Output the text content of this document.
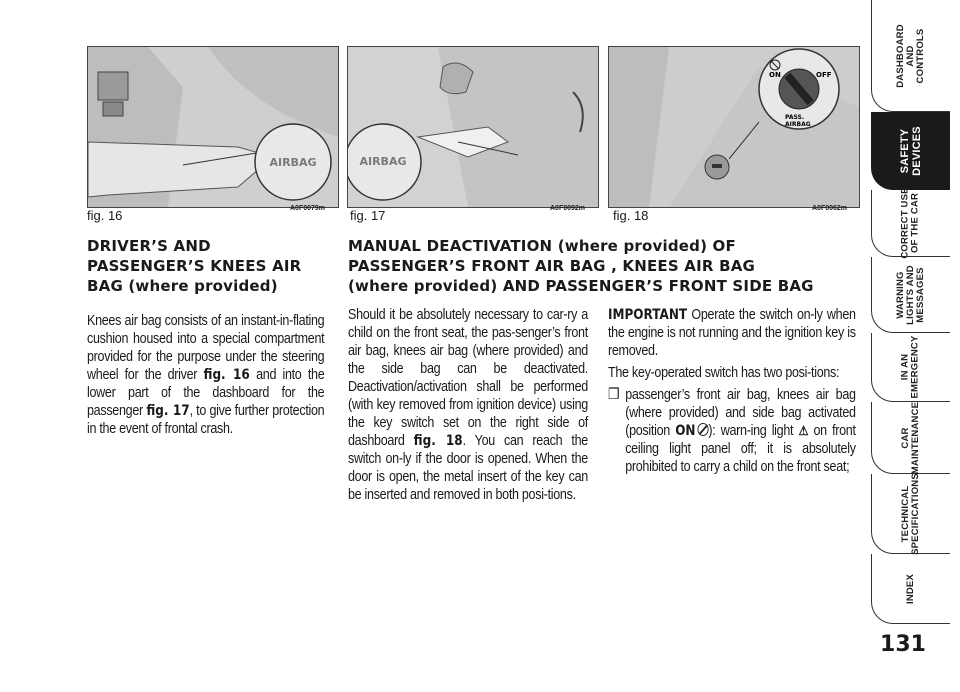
AIRBAG
fig. 16	A0F0079m
AIRBAG
fig. 17	A0F0092m
ON	OFF
PASS.
AIRBAG
fig. 18	A0F0062m
DRIVER’S AND
PASSENGER’S KNEES AIR
BAG (where provided)

Knees air bag consists of an instant-in-flating cushion housed into a special compartment provided for the purpose under the steering wheel for the driver fig. 16 and into the lower part of the dashboard for the passenger fig. 17, to give further protection in the event of frontal crash.

MANUAL DEACTIVATION (where provided) OF
PASSENGER’S FRONT AIR BAG , KNEES AIR BAG
(where provided) AND PASSENGER’S FRONT SIDE BAG

Should it be absolutely necessary to car-ry a child on the front seat, the pas-senger’s front air bag, knees air bag (where provided) and the side bag can be deactivated. Deactivation/activation shall be performed (with key removed from ignition device) using the key switch set on the right side of dashboard fig. 18. You can reach the switch on-ly if the door is opened. When the door is open, the metal insert of the key can be inserted and removed in both posi-tions.

IMPORTANT Operate the switch on-ly when the engine is not running and the ignition key is removed.

The key-operated switch has two posi-tions:

❒ passenger’s front air bag, knees air bag (where provided) and side bag activated (position ON ): warn-ing light ⚠ on front ceiling light panel off; it is absolutely prohibited to carry a child on the front seat;
DASHBOARD
AND
CONTROLS
SAFETY
DEVICES
CORRECT USE
OF THE CAR
WARNING
LIGHTS AND
MESSAGES
IN AN
EMERGENCY
CAR
MAINTENANCE
TECHNICAL
SPECIFICATIONS
INDEX
131
